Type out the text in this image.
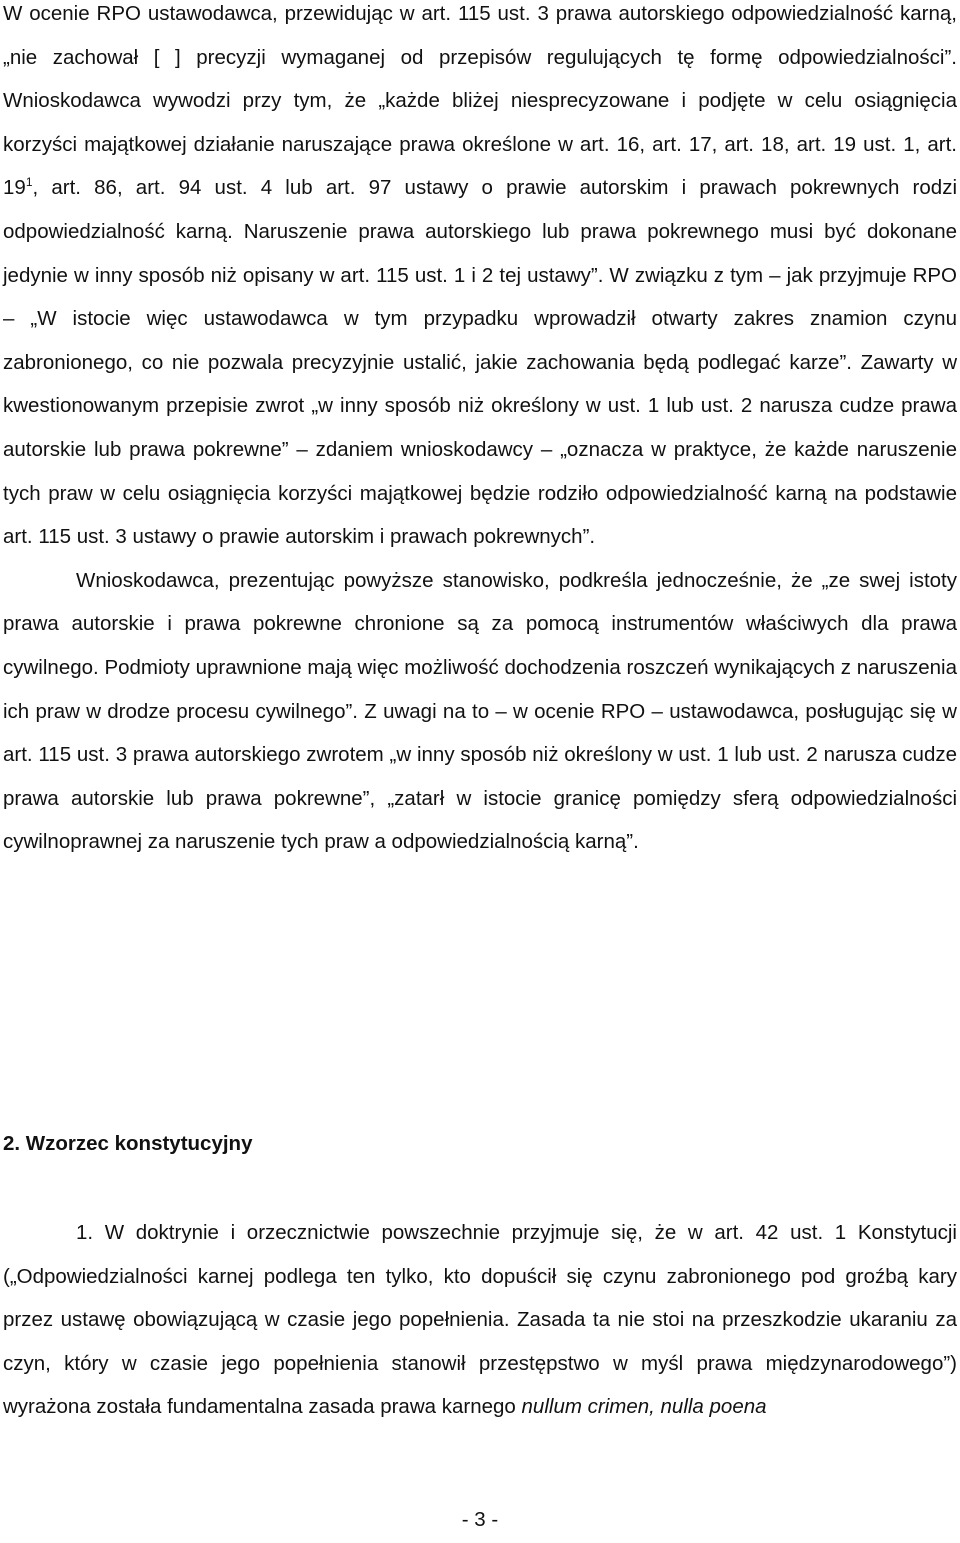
W ocenie RPO ustawodawca, przewidując w art. 115 ust. 3 prawa autorskiego odpowiedzialność karną, „nie zachował [ ] precyzji wymaganej od przepisów regulujących tę formę odpowiedzialności”. Wnioskodawca wywodzi przy tym, że „każde bliżej niesprecyzowane i podjęte w celu osiągnięcia korzyści majątkowej działanie naruszające prawa określone w art. 16, art. 17, art. 18, art. 19 ust. 1, art. $19^1$, art. 86, art. 94 ust. 4 lub art. 97 ustawy o prawie autorskim i prawach pokrewnych rodzi odpowiedzialność karną. Naruszenie prawa autorskiego lub prawa pokrewnego musi być dokonane jedynie w inny sposób niż opisany w art. 115 ust. 1 i 2 tej ustawy”. W związku z tym – jak przyjmuje RPO – „W istocie więc ustawodawca w tym przypadku wprowadził otwarty zakres znamion czynu zabronionego, co nie pozwala precyzyjnie ustalić, jakie zachowania będą podlegać karze”. Zawarty w kwestionowanym przepisie zwrot „w inny sposób niż określony w ust. 1 lub ust. 2 narusza cudze prawa autorskie lub prawa pokrewne” – zdaniem wnioskodawcy – „oznacza w praktyce, że każde naruszenie tych praw w celu osiągnięcia korzyści majątkowej będzie rodziło odpowiedzialność karną na podstawie art. 115 ust. 3 ustawy o prawie autorskim i prawach pokrewnych”.

Wnioskodawca, prezentując powyższe stanowisko, podkreśla jednocześnie, że „ze swej istoty prawa autorskie i prawa pokrewne chronione są za pomocą instrumentów właściwych dla prawa cywilnego. Podmioty uprawnione mają więc możliwość dochodzenia roszczeń wynikających z naruszenia ich praw w drodze procesu cywilnego”. Z uwagi na to – w ocenie RPO – ustawodawca, posługując się w art. 115 ust. 3 prawa autorskiego zwrotem „w inny sposób niż określony w ust. 1 lub ust. 2 narusza cudze prawa autorskie lub prawa pokrewne”, „zatarł w istocie granicę pomiędzy sferą odpowiedzialności cywilnoprawnej za naruszenie tych praw a odpowiedzialnością karną”.

2. Wzorzec konstytucyjny

1. W doktrynie i orzecznictwie powszechnie przyjmuje się, że w art. 42 ust. 1 Konstytucji („Odpowiedzialności karnej podlega ten tylko, kto dopuścił się czynu zabronionego pod groźbą kary przez ustawę obowiązującą w czasie jego popełnienia. Zasada ta nie stoi na przeszkodzie ukaraniu za czyn, który w czasie jego popełnienia stanowił przestępstwo w myśl prawa międzynarodowego”) wyrażona została fundamentalna zasada prawa karnego nullum crimen, nulla poena

- 3 -
